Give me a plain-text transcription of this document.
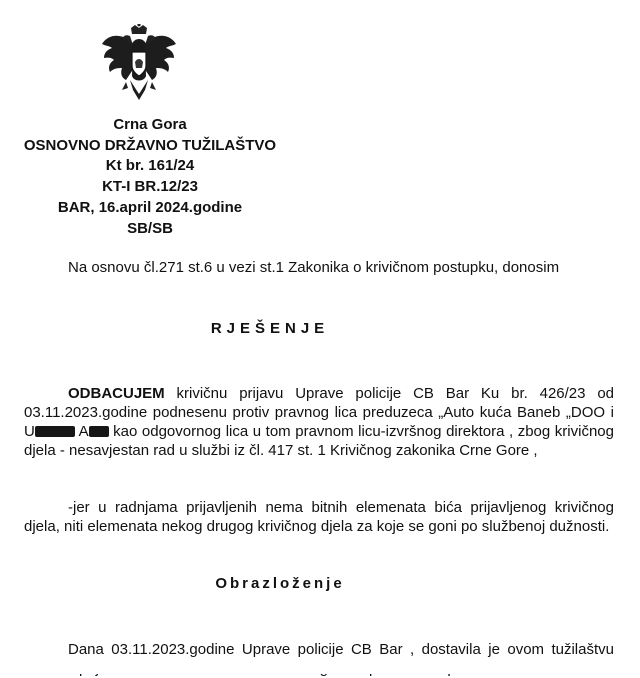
Crna Gora
OSNOVNO DRŽAVNO TUŽILAŠTVO
Kt br. 161/24
KT-I BR.12/23
BAR, 16.april 2024.godine
SB/SB
Na osnovu čl.271 st.6 u vezi st.1 Zakonika o krivičnom postupku, donosim
RJEŠENJE
ODBACUJEM krivičnu prijavu Uprave policije CB Bar Ku br. 426/23 od 03.11.2023.godine podnesenu protiv pravnog lica preduzeca „Auto kuća Baneb „DOO i U	A kao odgovornog lica u tom pravnom licu-izvršnog direktora , zbog krivičnog djela - nesavjestan rad u službi iz čl. 417 st. 1 Krivičnog zakonika Crne Gore ,
-jer u radnjama prijavljenih nema bitnih elemenata bića prijavljenog krivičnog djela, niti elemenata nekog drugog krivičnog djela za koje se goni po službenoj dužnosti.
Obrazloženje
Dana 03.11.2023.godine Uprave policije CB Bar , dostavila je ovom tužilaštvu
